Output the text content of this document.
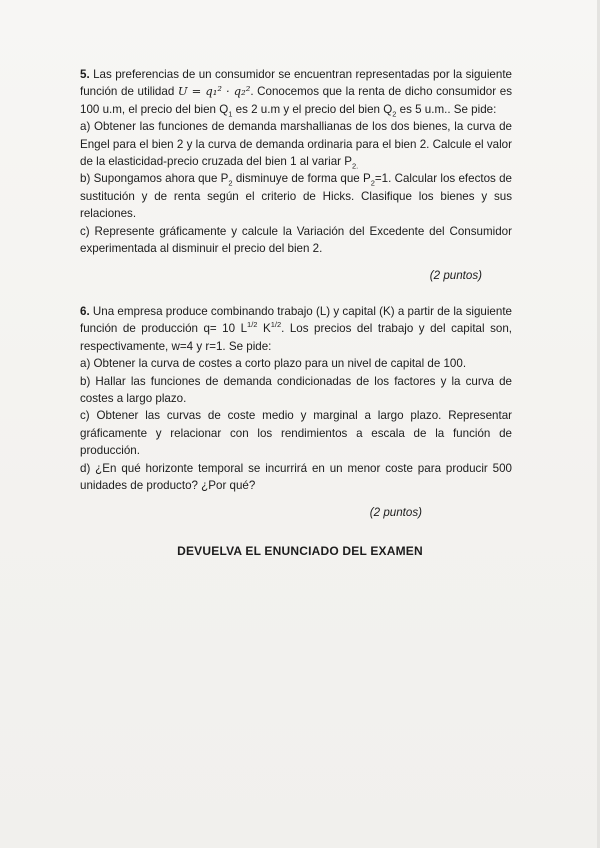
5. Las preferencias de un consumidor se encuentran representadas por la siguiente función de utilidad U = q₁² · q₂². Conocemos que la renta de dicho consumidor es 100 u.m, el precio del bien $Q_1$ es 2 u.m y el precio del bien $Q_2$ es 5 u.m.. Se pide:

a) Obtener las funciones de demanda marshallianas de los dos bienes, la curva de Engel para el bien 2 y la curva de demanda ordinaria para el bien 2. Calcule el valor de la elasticidad-precio cruzada del bien 1 al variar $P_{2.}$

b) Supongamos ahora que $P_2$ disminuye de forma que $P_2=1$. Calcular los efectos de sustitución y de renta según el criterio de Hicks. Clasifique los bienes y sus relaciones.

c) Represente gráficamente y calcule la Variación del Excedente del Consumidor experimentada al disminuir el precio del bien 2.

(2 puntos)

6. Una empresa produce combinando trabajo (L) y capital (K) a partir de la siguiente función de producción q= 10 $L^{1/2}$ $K^{1/2}$. Los precios del trabajo y del capital son, respectivamente, w=4 y r=1. Se pide:

a) Obtener la curva de costes a corto plazo para un nivel de capital de 100.

b) Hallar las funciones de demanda condicionadas de los factores y la curva de costes a largo plazo.

c) Obtener las curvas de coste medio y marginal a largo plazo. Representar gráficamente y relacionar con los rendimientos a escala de la función de producción.

d) ¿En qué horizonte temporal se incurrirá en un menor coste para producir 500 unidades de producto? ¿Por qué?

(2 puntos)

DEVUELVA EL ENUNCIADO DEL EXAMEN
